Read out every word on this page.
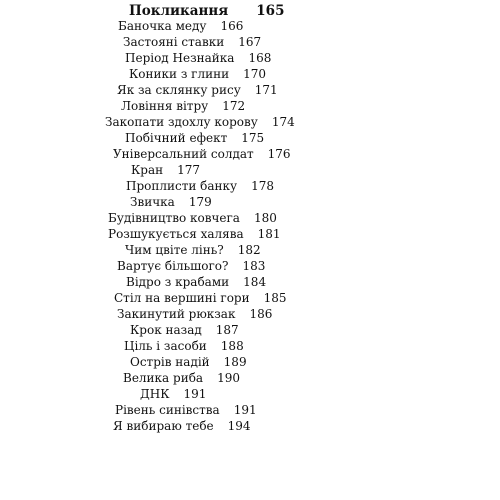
Покликання 165
Баночка меду 166
Застояні ставки 167
Період Незнайка 168
Коники з глини 170
Як за склянку рису 171
Ловіння вітру 172
Закопати здохлу корову 174
Побічний ефект 175
Універсальний солдат 176
Кран 177
Проплисти банку 178
Звичка 179
Будівництво ковчега 180
Розшукується халява 181
Чим цвіте лінь? 182
Вартує більшого? 183
Відро з крабами 184
Стіл на вершині гори 185
Закинутий рюкзак 186
Крок назад 187
Ціль і засоби 188
Острів надій 189
Велика риба 190
ДНК 191
Рівень синівства 191
Я вибираю тебе 194
